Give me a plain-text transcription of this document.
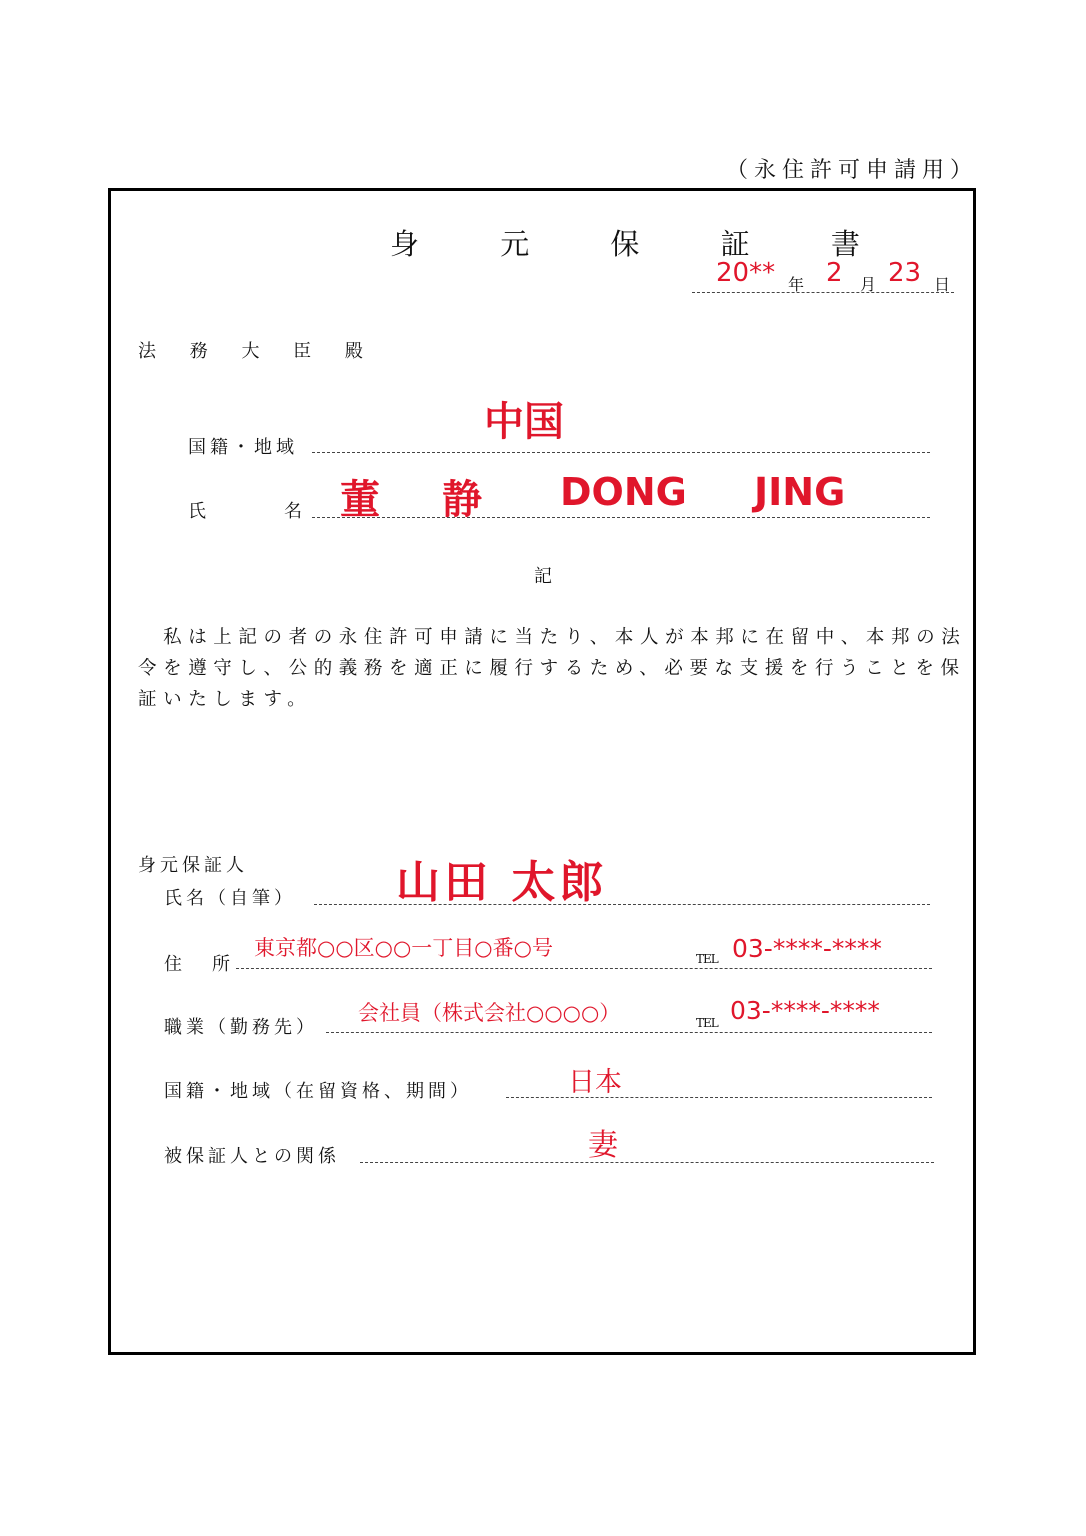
（永住許可申請用）
身 元 保 証 書
20** 年 2 月 23 日
法 務 大 臣 殿
国籍・地域
中国
氏	名 董 静 DONG JING
記
　私は上記の者の永住許可申請に当たり、本人が本邦に在留中、本邦の法令を遵守し、公的義務を適正に履行するため、必要な支援を行うことを保証いたします。
身元保証人
氏名（自筆） 山田 太郎
住 所
東京都○○区○○一丁目○番○号	TEL 03-****-****
職業（勤務先）
会社員（株式会社○○○○）	TEL 03-****-****
国籍・地域（在留資格、期間）	日本
被保証人との関係	妻
